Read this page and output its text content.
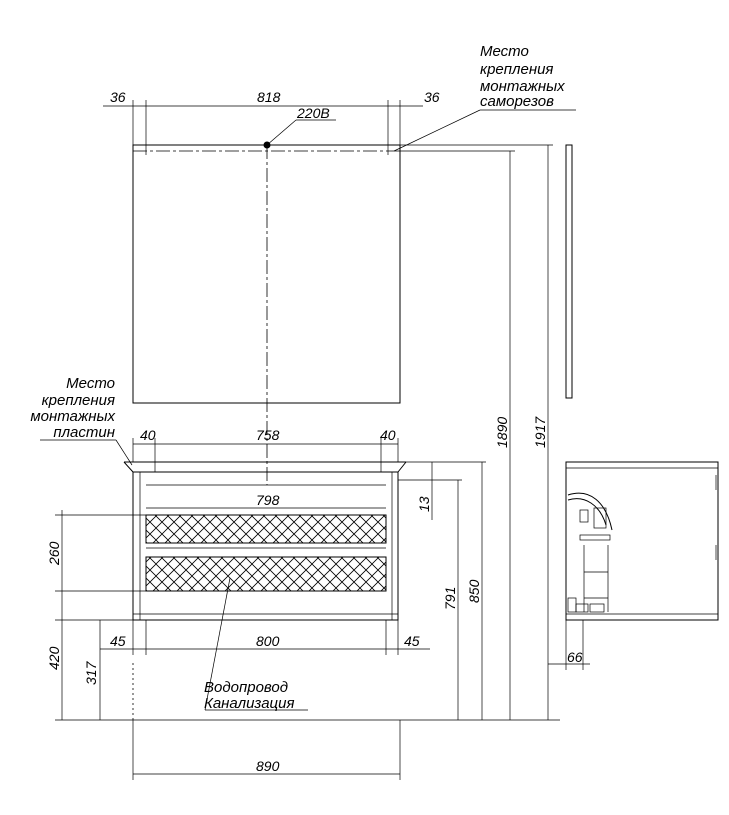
Место
крепления
монтажных
саморезов
Место
крепления
монтажных
пластин
Водопровод
Канализация
220В
36	818	36
40	758	40
798
45	800	45
890
66
260
420
317
13
791 850
1890 1917
